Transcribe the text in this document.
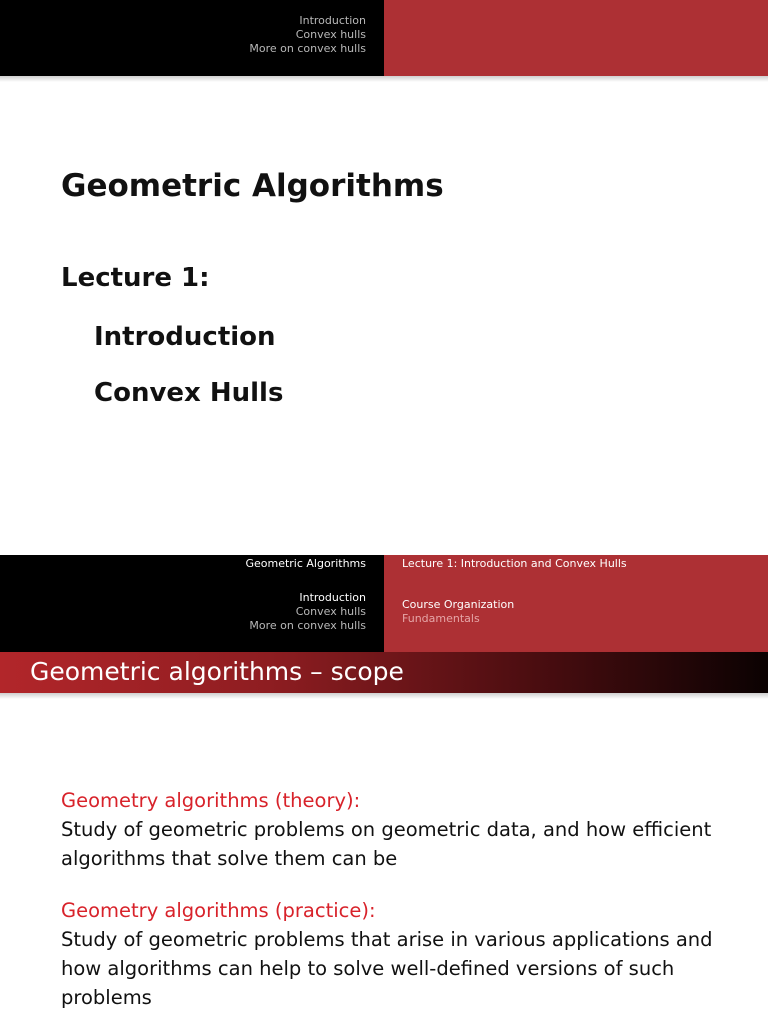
Introduction
Convex hulls
More on convex hulls
Geometric Algorithms
Lecture 1:
Introduction
Convex Hulls
Geometric Algorithms
Introduction
Convex hulls
More on convex hulls
Lecture 1: Introduction and Convex Hulls
Course Organization
Fundamentals
Geometric algorithms – scope
Geometry algorithms (theory):
Study of geometric problems on geometric data, and how efficient algorithms that solve them can be
Geometry algorithms (practice):
Study of geometric problems that arise in various applications and how algorithms can help to solve well-defined versions of such problems
